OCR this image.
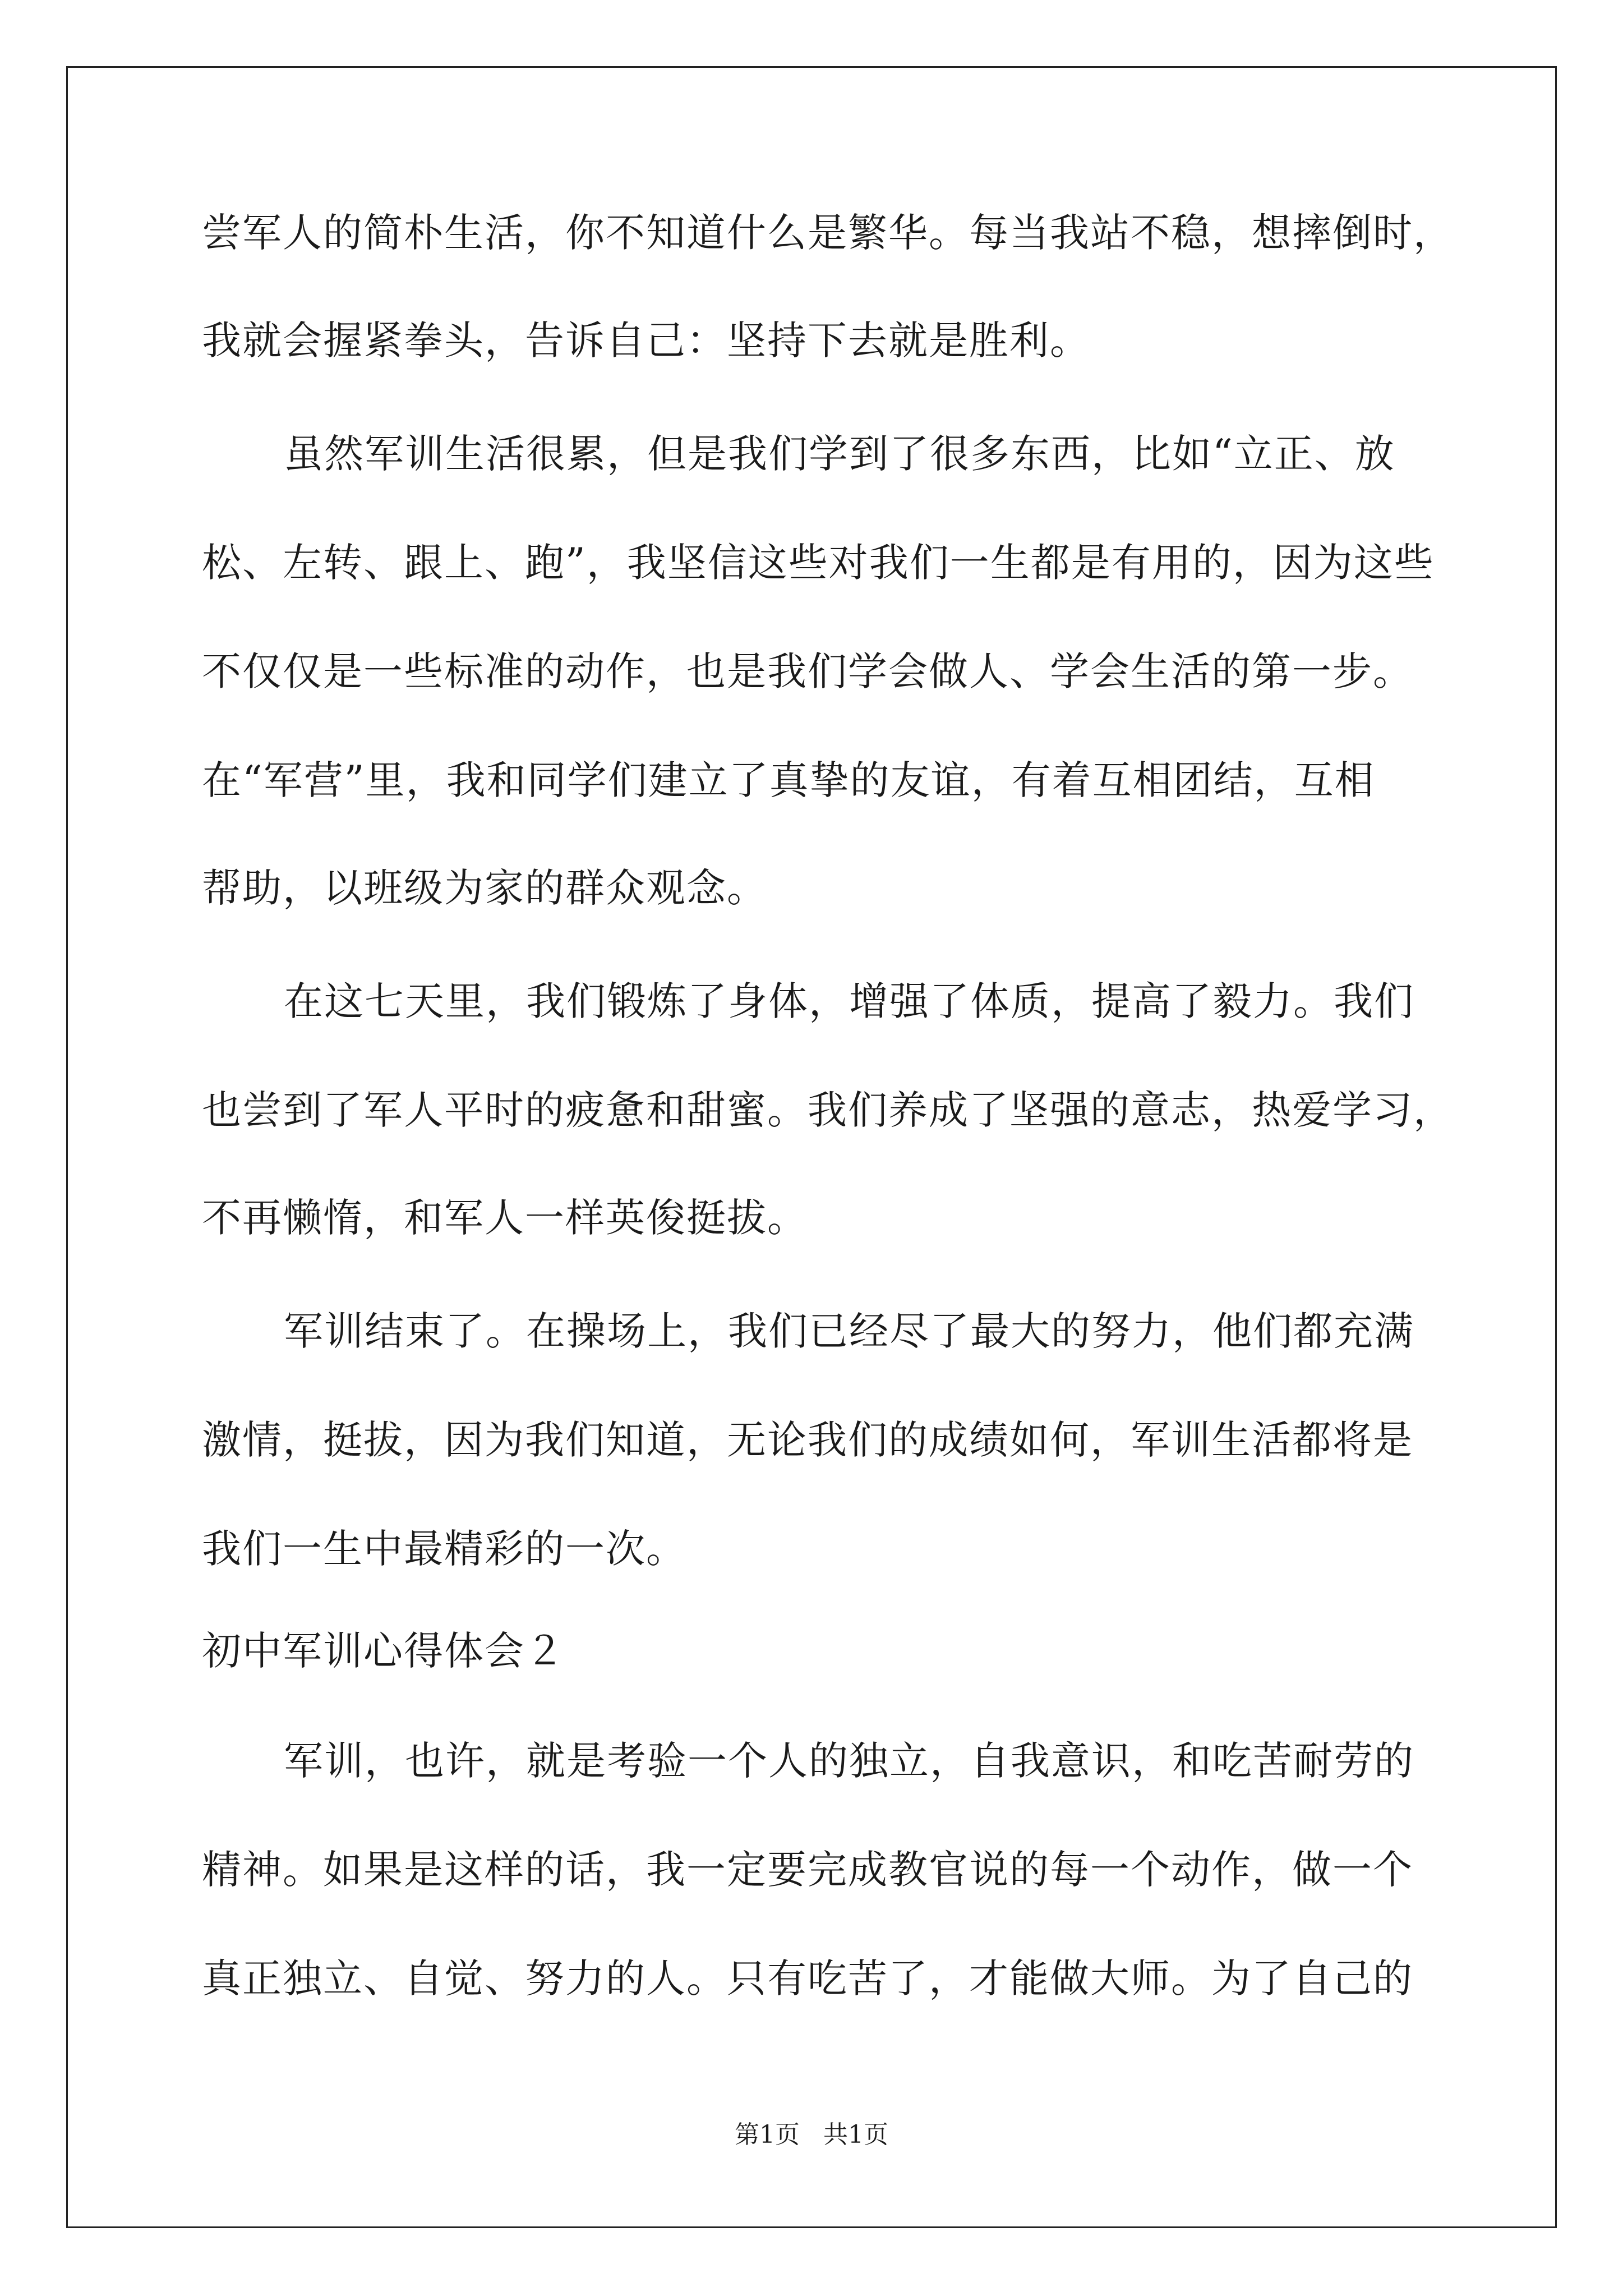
尝军人的简朴生活，你不知道什么是繁华。每当我站不稳，想摔倒时，
我就会握紧拳头，告诉自己：坚持下去就是胜利。
虽然军训生活很累，但是我们学到了很多东西，比如“立正、放
松、左转、跟上、跑”，我坚信这些对我们一生都是有用的，因为这些
不仅仅是一些标准的动作，也是我们学会做人、学会生活的第一步。
在“军营”里，我和同学们建立了真挚的友谊，有着互相团结，互相
帮助，以班级为家的群众观念。
在这七天里，我们锻炼了身体，增强了体质，提高了毅力。我们
也尝到了军人平时的疲惫和甜蜜。我们养成了坚强的意志，热爱学习，
不再懒惰，和军人一样英俊挺拔。
军训结束了。在操场上，我们已经尽了最大的努力，他们都充满
激情，挺拔，因为我们知道，无论我们的成绩如何，军训生活都将是
我们一生中最精彩的一次。
初中军训心得体会２
军训，也许，就是考验一个人的独立，自我意识，和吃苦耐劳的
精神。如果是这样的话，我一定要完成教官说的每一个动作，做一个
真正独立、自觉、努力的人。只有吃苦了，才能做大师。为了自己的
第1页   共1页
